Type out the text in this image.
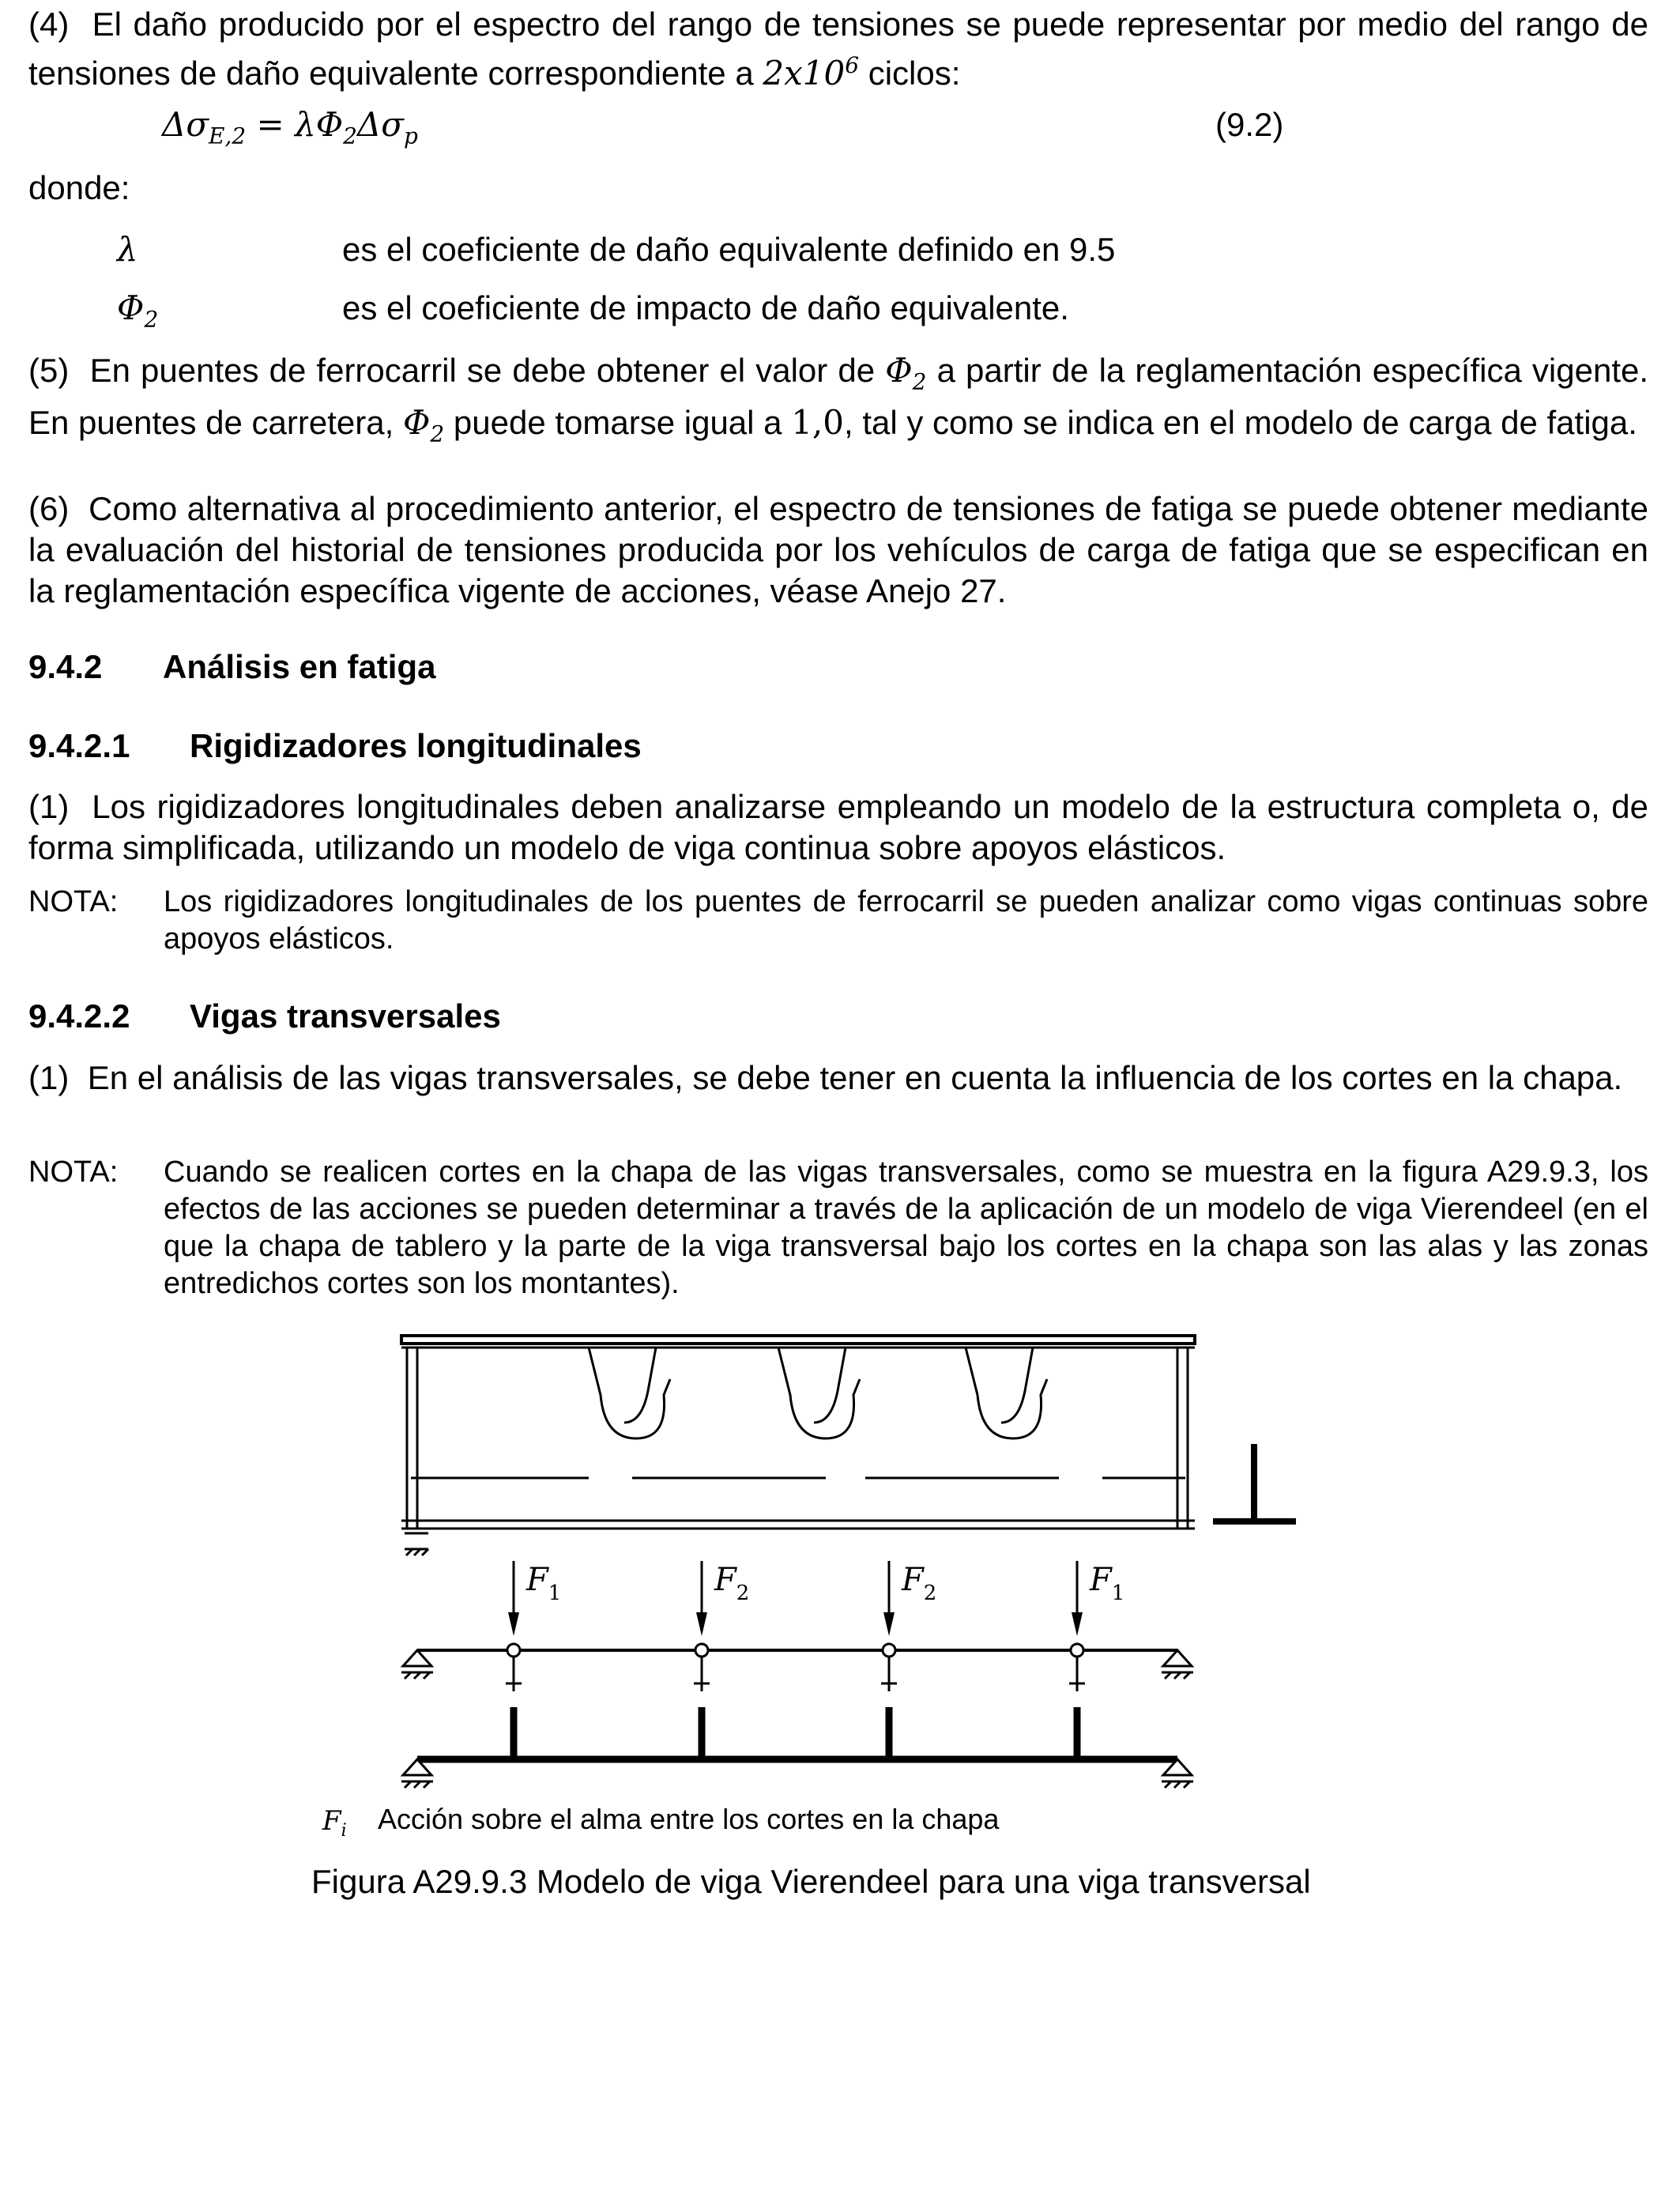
(4) El daño producido por el espectro del rango de tensiones se puede representar por medio del rango de tensiones de daño equivalente correspondiente a $2x10^6$ ciclos:

$\Delta\sigma_{E,2} = \lambda\Phi_2\Delta\sigma_p$	(9.2)
donde:
λ	es el coeficiente de daño equivalente definido en 9.5
$\Phi_2$	es el coeficiente de impacto de daño equivalente.

(5) En puentes de ferrocarril se debe obtener el valor de $\Phi_2$ a partir de la reglamentación específica vigente. En puentes de carretera, $\Phi_2$ puede tomarse igual a 1,0, tal y como se indica en el modelo de carga de fatiga.

(6) Como alternativa al procedimiento anterior, el espectro de tensiones de fatiga se puede obtener mediante la evaluación del historial de tensiones producida por los vehículos de carga de fatiga que se especifican en la reglamentación específica vigente de acciones, véase Anejo 27.

9.4.2 Análisis en fatiga
9.4.2.1 Rigidizadores longitudinales

(1) Los rigidizadores longitudinales deben analizarse empleando un modelo de la estructura completa o, de forma simplificada, utilizando un modelo de viga continua sobre apoyos elásticos.

NOTA: Los rigidizadores longitudinales de los puentes de ferrocarril se pueden analizar como vigas continuas sobre apoyos elásticos.
9.4.2.2 Vigas transversales

(1) En el análisis de las vigas transversales, se debe tener en cuenta la influencia de los cortes en la chapa.

NOTA: Cuando se realicen cortes en la chapa de las vigas transversales, como se muestra en la figura A29.9.3, los efectos de las acciones se pueden determinar a través de la aplicación de un modelo de viga Vierendeel (en el que la chapa de tablero y la parte de la viga transversal bajo los cortes en la chapa son las alas y las zonas entredichos cortes son los montantes).
$F_1$	$F_2$	$F_2$	$F_1$
$F_i$ Acción sobre el alma entre los cortes en la chapa
Figura A29.9.3 Modelo de viga Vierendeel para una viga transversal
